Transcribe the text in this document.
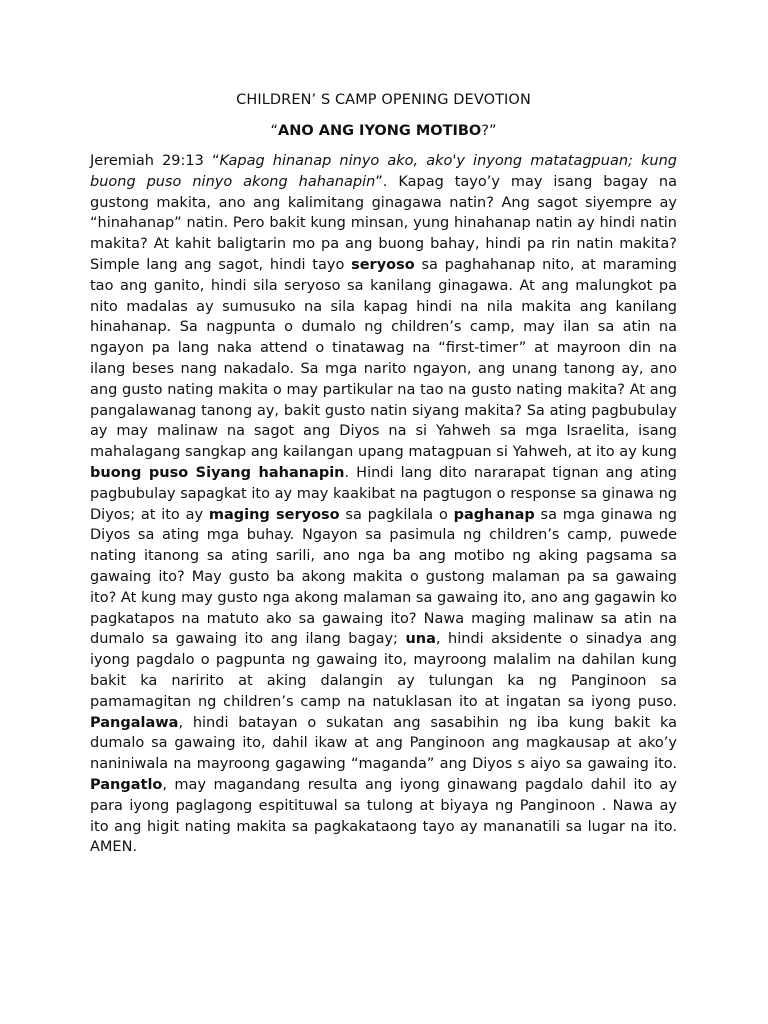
CHILDREN’ S CAMP OPENING DEVOTION
“ANO ANG IYONG MOTIBO?”

Jeremiah 29:13 “Kapag hinanap ninyo ako, ako'y inyong matatagpuan; kung buong puso ninyo akong hahanapin”. Kapag tayo’y may isang bagay na gustong makita, ano ang kalimitang ginagawa natin? Ang sagot siyempre ay “hinahanap” natin. Pero bakit kung minsan, yung hinahanap natin ay hindi natin makita? At kahit baligtarin mo pa ang buong bahay, hindi pa rin natin makita? Simple lang ang sagot, hindi tayo seryoso sa paghahanap nito, at maraming tao ang ganito, hindi sila seryoso sa kanilang ginagawa. At ang malungkot pa nito madalas ay sumusuko na sila kapag hindi na nila makita ang kanilang hinahanap. Sa nagpunta o dumalo ng children’s camp, may ilan sa atin na ngayon pa lang naka attend o tinatawag na “first-timer” at mayroon din na ilang beses nang nakadalo. Sa mga narito ngayon, ang unang tanong ay, ano ang gusto nating makita o may partikular na tao na gusto nating makita? At ang pangalawanag tanong ay, bakit gusto natin siyang makita? Sa ating pagbubulay ay may malinaw na sagot ang Diyos na si Yahweh sa mga Israelita, isang mahalagang sangkap ang kailangan upang matagpuan si Yahweh, at ito ay kung buong puso Siyang hahanapin. Hindi lang dito nararapat tignan ang ating pagbubulay sapagkat ito ay may kaakibat na pagtugon o response sa ginawa ng Diyos; at ito ay maging seryoso sa pagkilala o paghanap sa mga ginawa ng Diyos sa ating mga buhay. Ngayon sa pasimula ng children’s camp, puwede nating itanong sa ating sarili, ano nga ba ang motibo ng aking pagsama sa gawaing ito? May gusto ba akong makita o gustong malaman pa sa gawaing ito? At kung may gusto nga akong malaman sa gawaing ito, ano ang gagawin ko pagkatapos na matuto ako sa gawaing ito? Nawa maging malinaw sa atin na dumalo sa gawaing ito ang ilang bagay; una, hindi aksidente o sinadya ang iyong pagdalo o pagpunta ng gawaing ito, mayroong malalim na dahilan kung bakit ka naririto at aking dalangin ay tulungan ka ng Panginoon sa pamamagitan ng children’s camp na natuklasan ito at ingatan sa iyong puso. Pangalawa, hindi batayan o sukatan ang sasabihin ng iba kung bakit ka dumalo sa gawaing ito, dahil ikaw at ang Panginoon ang magkausap at ako’y naniniwala na mayroong gagawing “maganda” ang Diyos s aiyo sa gawaing ito. Pangatlo, may magandang resulta ang iyong ginawang pagdalo dahil ito ay para iyong paglagong espitituwal sa tulong at biyaya ng Panginoon . Nawa ay ito ang higit nating makita sa pagkakataong tayo ay mananatili sa lugar na ito. AMEN.
